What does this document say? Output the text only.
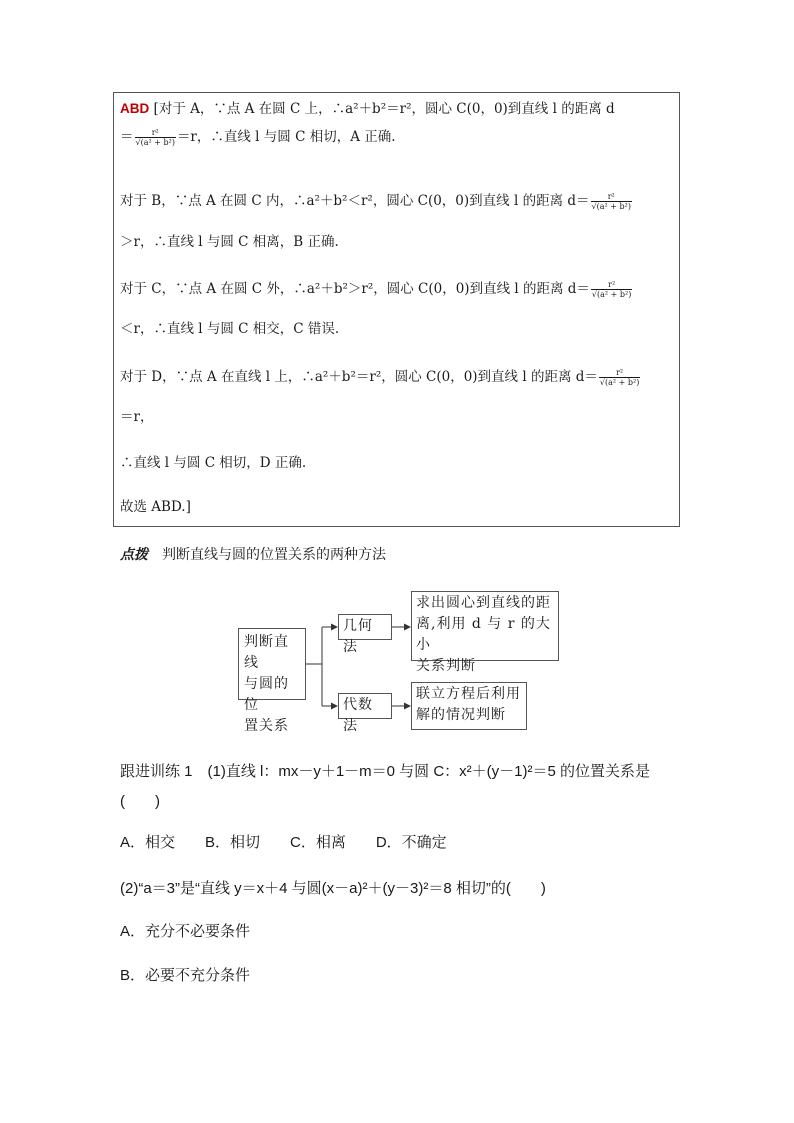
ABD [对于 A，∵点 A 在圆 C 上，∴a²＋b²＝r²，圆心 C(0，0)到直线 l 的距离 d
＝ $\frac{\text{r²}}{\text{√(a² + b²)}} =r$，∴直线 l 与圆 C 相切，A 正确.
对于 B，∵点 A 在圆 C 内，∴a²＋b²＜r²，圆心 C(0，0)到直线 l 的距离 $d= \frac{\text{r²}}{\text{√(a² + b²)}}$
＞r，∴直线 l 与圆 C 相离，B 正确.
对于 C，∵点 A 在圆 C 外，∴a²＋b²＞r²，圆心 C(0，0)到直线 l 的距离 $d= \frac{\text{r²}}{\text{√(a² + b²)}}$
＜r，∴直线 l 与圆 C 相交，C 错误.
对于 D，∵点 A 在直线 l 上，∴a²＋b²＝r²，圆心 C(0，0)到直线 l 的距离 $d= \frac{\text{r²}}{\text{√(a² + b²)}}$
＝r，
∴直线 l 与圆 C 相切，D 正确.
故选 ABD.]
点拨 判断直线与圆的位置关系的两种方法
判断直线
与圆的位
置关系
几何法
求出圆心到直线的距
离,利用 d 与 r 的大小
关系判断
代数法
联立方程后利用
解的情况判断
跟进训练 1　(1)直线 l：mx－y＋1－m＝0 与圆 C：x²＋(y－1)²＝5 的位置关系是
(　　)
A．相交　　B．相切　　C．相离　　D．不确定
(2)“a＝3”是“直线 y＝x＋4 与圆(x－a)²＋(y－3)²＝8 相切”的(　　)
A．充分不必要条件
B．必要不充分条件
